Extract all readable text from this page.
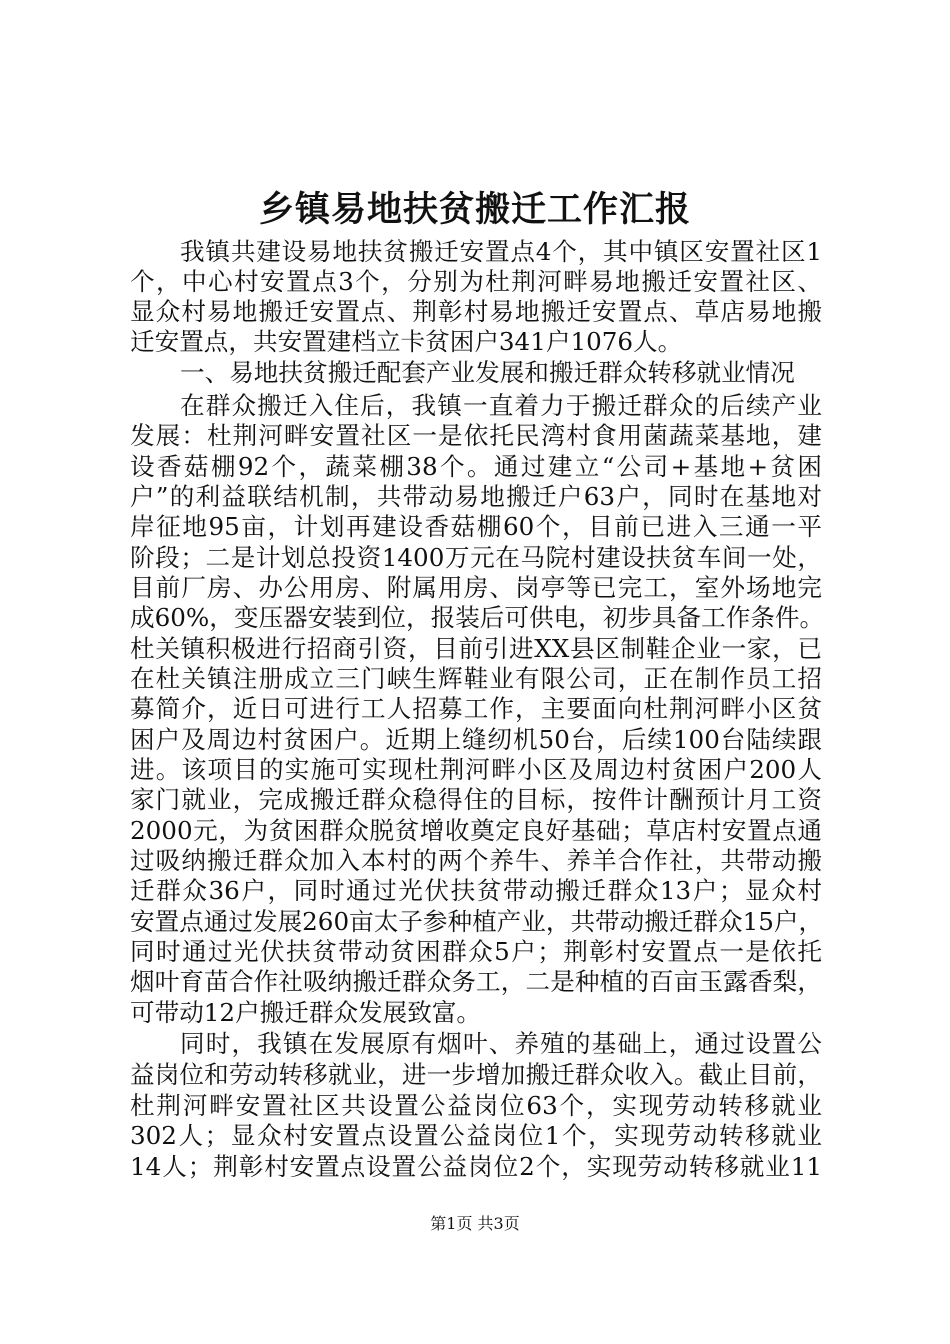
乡镇易地扶贫搬迁工作汇报

我镇共建设易地扶贫搬迁安置点4个，其中镇区安置社区1

个，中心村安置点3个，分别为杜荆河畔易地搬迁安置社区、

显众村易地搬迁安置点、荆彰村易地搬迁安置点、草店易地搬

迁安置点，共安置建档立卡贫困户341户1076人。

一、易地扶贫搬迁配套产业发展和搬迁群众转移就业情况

在群众搬迁入住后，我镇一直着力于搬迁群众的后续产业

发展：杜荆河畔安置社区一是依托民湾村食用菌蔬菜基地，建

设香菇棚92个，蔬菜棚38个。通过建立“公司+基地+贫困

户”的利益联结机制，共带动易地搬迁户63户，同时在基地对

岸征地95亩，计划再建设香菇棚60个，目前已进入三通一平

阶段；二是计划总投资1400万元在马院村建设扶贫车间一处，

目前厂房、办公用房、附属用房、岗亭等已完工，室外场地完

成60%，变压器安装到位，报装后可供电，初步具备工作条件。

杜关镇积极进行招商引资，目前引进XX县区制鞋企业一家，已

在杜关镇注册成立三门峡生辉鞋业有限公司，正在制作员工招

募简介，近日可进行工人招募工作，主要面向杜荆河畔小区贫

困户及周边村贫困户。近期上缝纫机50台，后续100台陆续跟

进。该项目的实施可实现杜荆河畔小区及周边村贫困户200人

家门就业，完成搬迁群众稳得住的目标，按件计酬预计月工资

2000元，为贫困群众脱贫增收奠定良好基础；草店村安置点通

过吸纳搬迁群众加入本村的两个养牛、养羊合作社，共带动搬

迁群众36户，同时通过光伏扶贫带动搬迁群众13户；显众村

安置点通过发展260亩太子参种植产业，共带动搬迁群众15户，

同时通过光伏扶贫带动贫困群众5户；荆彰村安置点一是依托

烟叶育苗合作社吸纳搬迁群众务工，二是种植的百亩玉露香梨，

可带动12户搬迁群众发展致富。

同时，我镇在发展原有烟叶、养殖的基础上，通过设置公

益岗位和劳动转移就业，进一步增加搬迁群众收入。截止目前，

杜荆河畔安置社区共设置公益岗位63个，实现劳动转移就业

302人；显众村安置点设置公益岗位1个，实现劳动转移就业

14人；荆彰村安置点设置公益岗位2个，实现劳动转移就业11

第1页 共3页
